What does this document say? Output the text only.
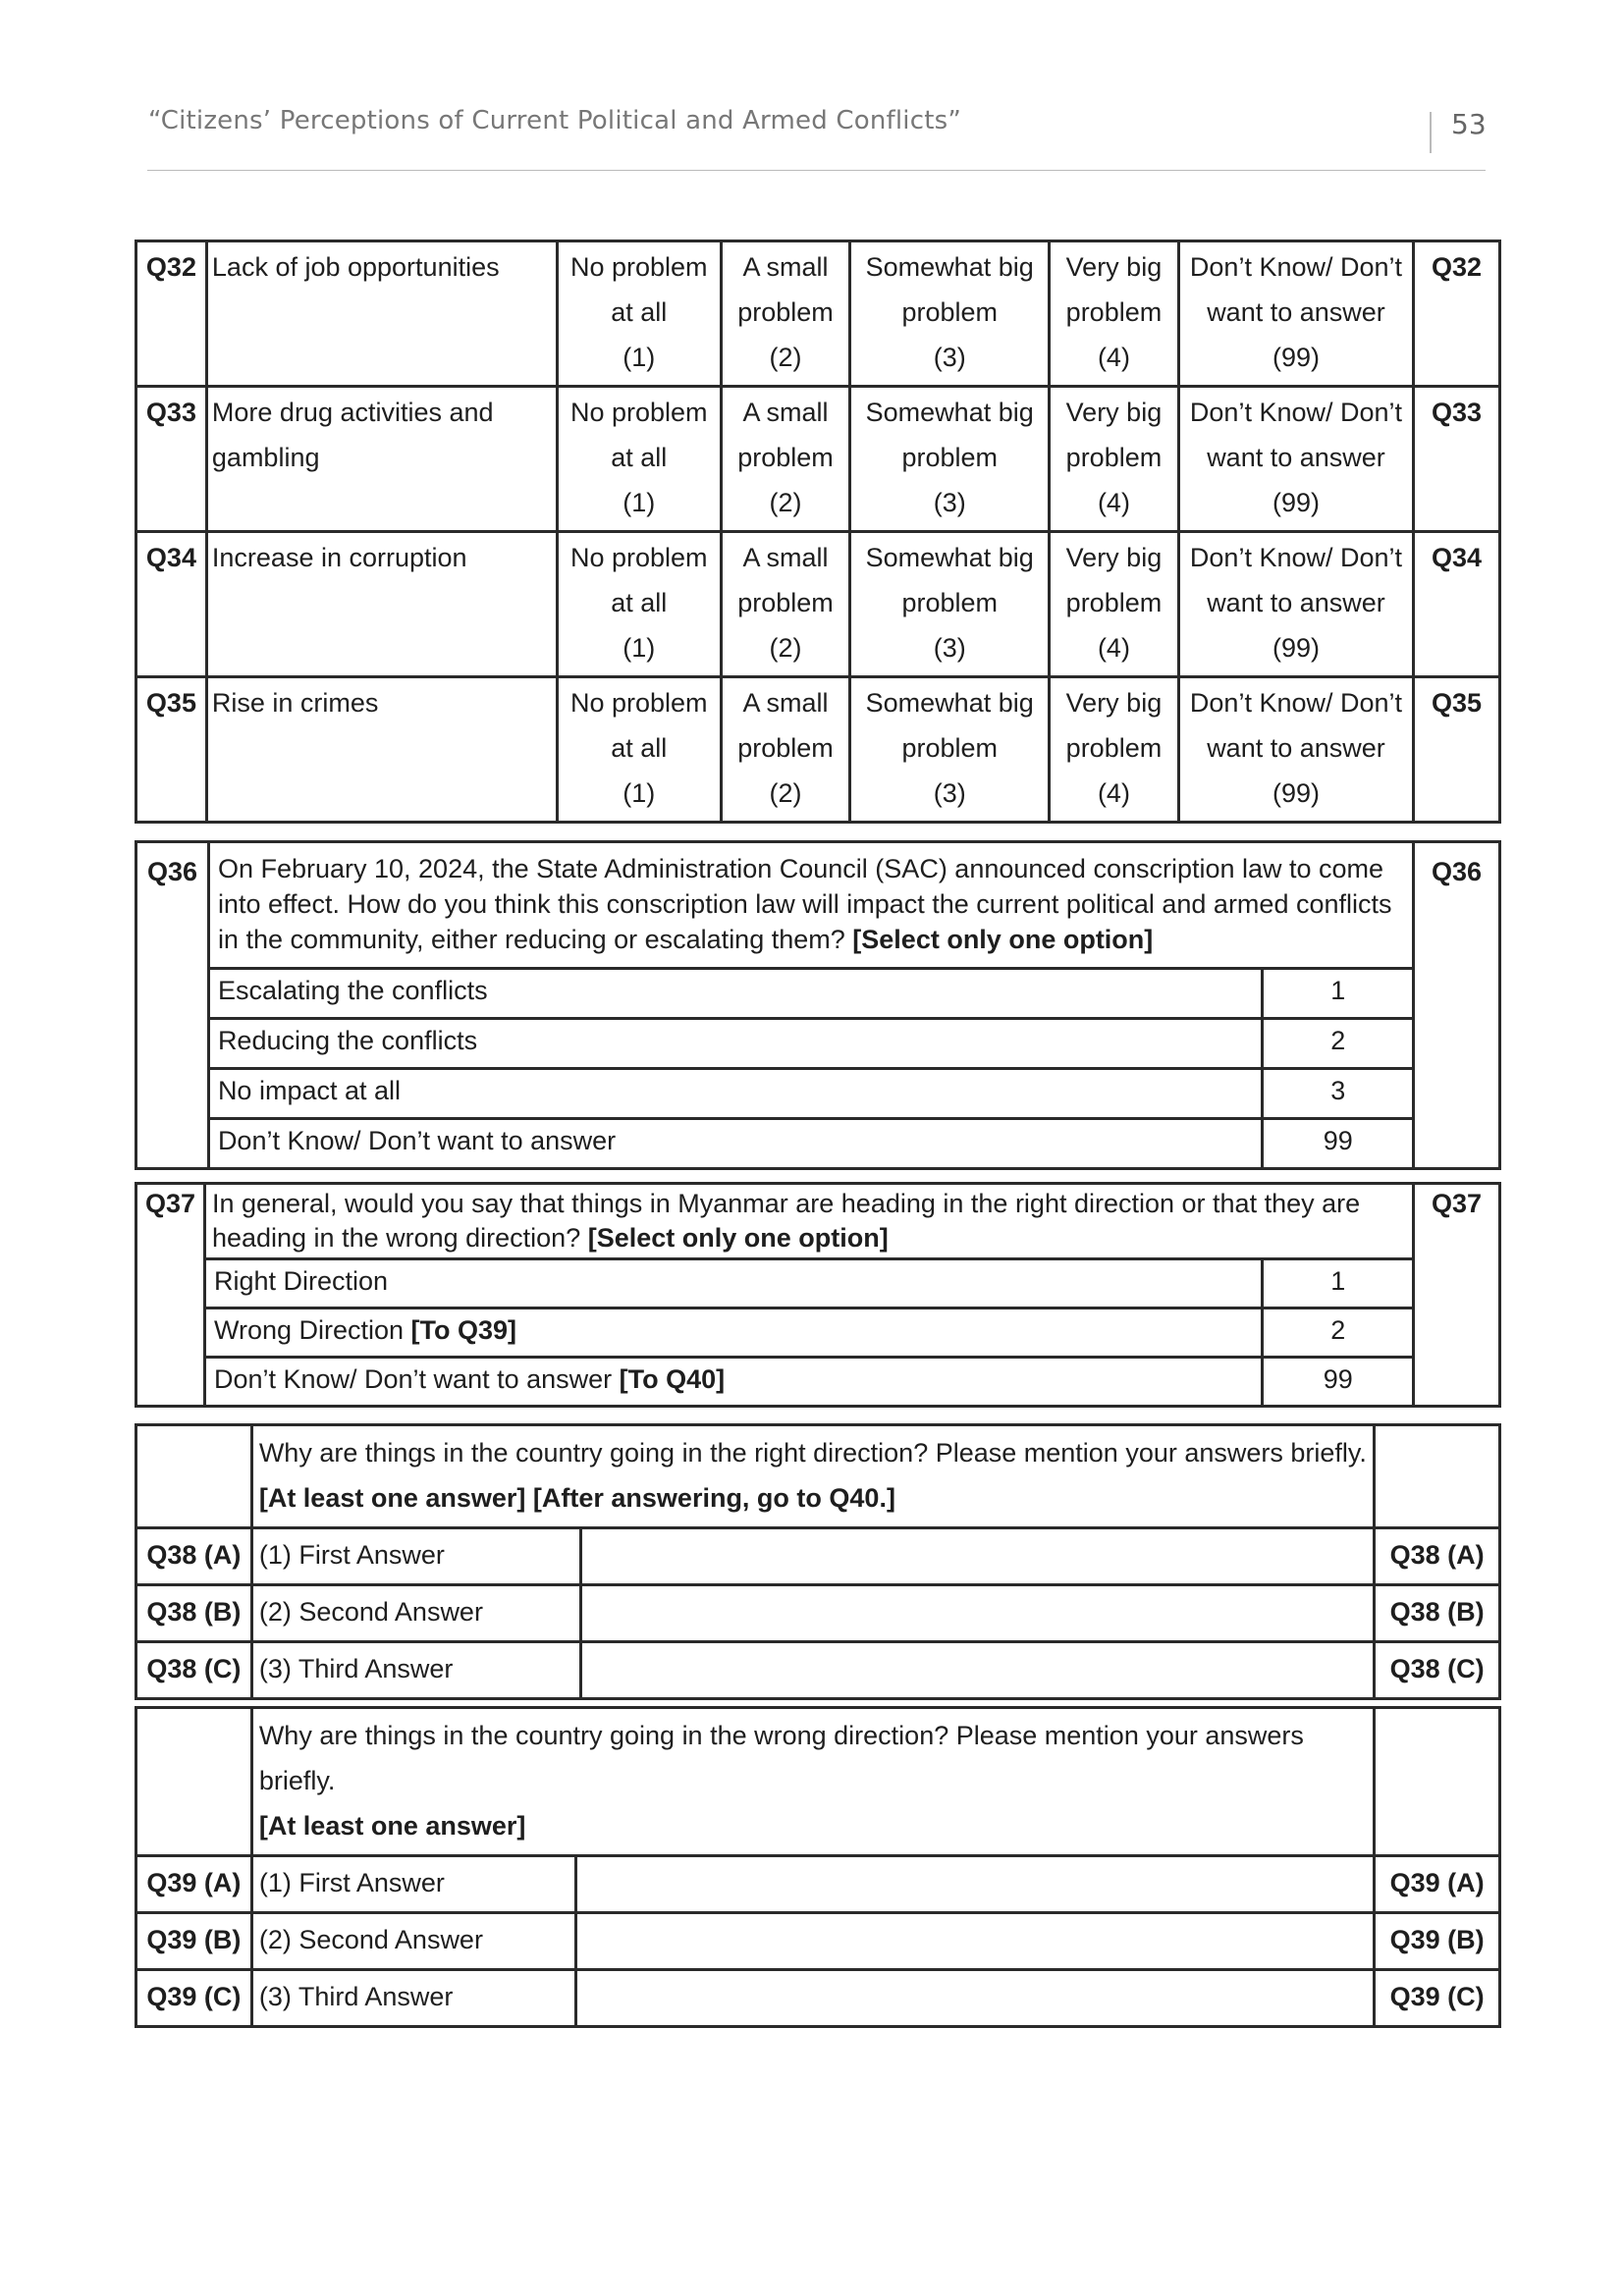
“Citizens’ Perceptions of Current Political and Armed Conflicts”	53
Q32	Lack of job opportunities	No problem
at all
(1)	A small
problem
(2)	Somewhat big
problem
(3)	Very big
problem
(4)	Don’t Know/ Don’t
want to answer
(99)	Q32
Q33	More drug activities and gambling	No problem
at all
(1)	A small
problem
(2)	Somewhat big
problem
(3)	Very big
problem
(4)	Don’t Know/ Don’t
want to answer
(99)	Q33
Q34	Increase in corruption	No problem
at all
(1)	A small
problem
(2)	Somewhat big
problem
(3)	Very big
problem
(4)	Don’t Know/ Don’t
want to answer
(99)	Q34
Q35	Rise in crimes	No problem
at all
(1)	A small
problem
(2)	Somewhat big
problem
(3)	Very big
problem
(4)	Don’t Know/ Don’t
want to answer
(99)	Q35
Q36	On February 10, 2024, the State Administration Council (SAC) announced conscription law to come into effect. How do you think this conscription law will impact the current political and armed conflicts in the community, either reducing or escalating them? [Select only one option]
Escalating the conflicts	1
Reducing the conflicts	2
No impact at all	3
Don’t Know/ Don’t want to answer	99
	Q36
Q37	In general, would you say that things in Myanmar are heading in the right direction or that they are heading in the wrong direction? [Select only one option]
Right Direction	1
Wrong Direction [To Q39]	2
Don’t Know/ Don’t want to answer [To Q40]	99
	Q37

	Why are things in the country going in the right direction? Please mention your answers briefly.
[At least one answer] [After answering, go to Q40.]		

Q38 (A)	(1) First Answer		Q38 (A)
Q38 (B)	(2) Second Answer		Q38 (B)
Q38 (C)	(3) Third Answer		Q38 (C)

	Why are things in the country going in the wrong direction? Please mention your answers briefly.
[At least one answer]		

Q39 (A)	(1) First Answer		Q39 (A)
Q39 (B)	(2) Second Answer		Q39 (B)
Q39 (C)	(3) Third Answer		Q39 (C)
